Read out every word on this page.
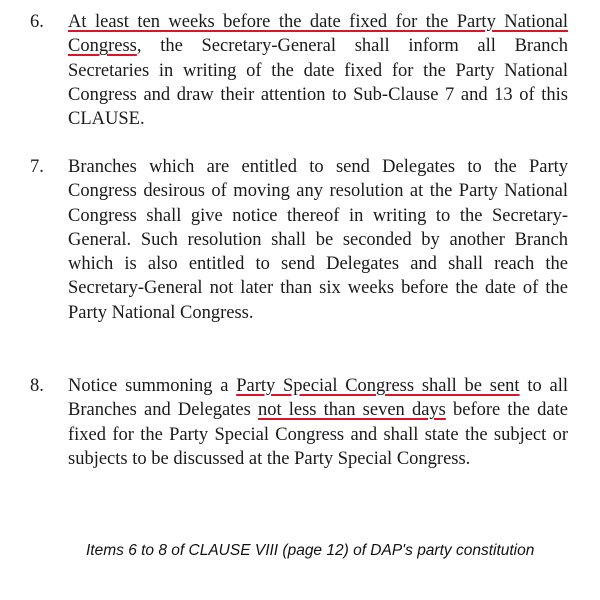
6. At least ten weeks before the date fixed for the Party National Congress, the Secretary-General shall inform all Branch Secretaries in writing of the date fixed for the Party National Congress and draw their attention to Sub-Clause 7 and 13 of this CLAUSE.
7. Branches which are entitled to send Delegates to the Party Congress desirous of moving any resolution at the Party National Congress shall give notice thereof in writing to the Secretary-General. Such resolution shall be seconded by another Branch which is also entitled to send Delegates and shall reach the Secretary-General not later than six weeks before the date of the Party National Congress.
8. Notice summoning a Party Special Congress shall be sent to all Branches and Delegates not less than seven days before the date fixed for the Party Special Congress and shall state the subject or subjects to be discussed at the Party Special Congress.
Items 6 to 8 of CLAUSE VIII (page 12) of DAP's party constitution
